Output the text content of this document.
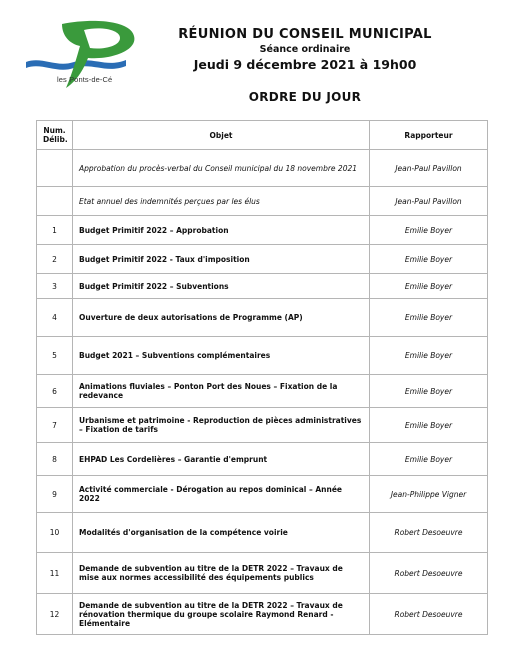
les Ponts-de-Cé
RÉUNION DU CONSEIL MUNICIPAL
Séance ordinaire
Jeudi 9 décembre 2021 à 19h00
ORDRE DU JOUR
Num. Délib.	Objet	Rapporteur
	Approbation du procès-verbal du Conseil municipal du 18 novembre 2021	Jean-Paul Pavillon
	Etat annuel des indemnités perçues par les élus	Jean-Paul Pavillon
1	Budget Primitif 2022 – Approbation	Emilie Boyer
2	Budget Primitif 2022 - Taux d'imposition	Emilie Boyer
3	Budget Primitif 2022 – Subventions	Emilie Boyer
4	Ouverture de deux autorisations de Programme (AP)	Emilie Boyer
5	Budget 2021 – Subventions complémentaires	Emilie Boyer
6	Animations fluviales – Ponton Port des Noues – Fixation de la redevance	Emilie Boyer
7	Urbanisme et patrimoine - Reproduction de pièces administratives – Fixation de tarifs	Emilie Boyer
8	EHPAD Les Cordelières – Garantie d'emprunt	Emilie Boyer
9	Activité commerciale - Dérogation au repos dominical – Année 2022	Jean-Philippe Vigner
10	Modalités d'organisation de la compétence voirie	Robert Desoeuvre
11	Demande de subvention au titre de la DETR 2022 – Travaux de mise aux normes accessibilité des équipements publics	Robert Desoeuvre
12	Demande de subvention au titre de la DETR 2022 – Travaux de rénovation thermique du groupe scolaire Raymond Renard - Elémentaire	Robert Desoeuvre
